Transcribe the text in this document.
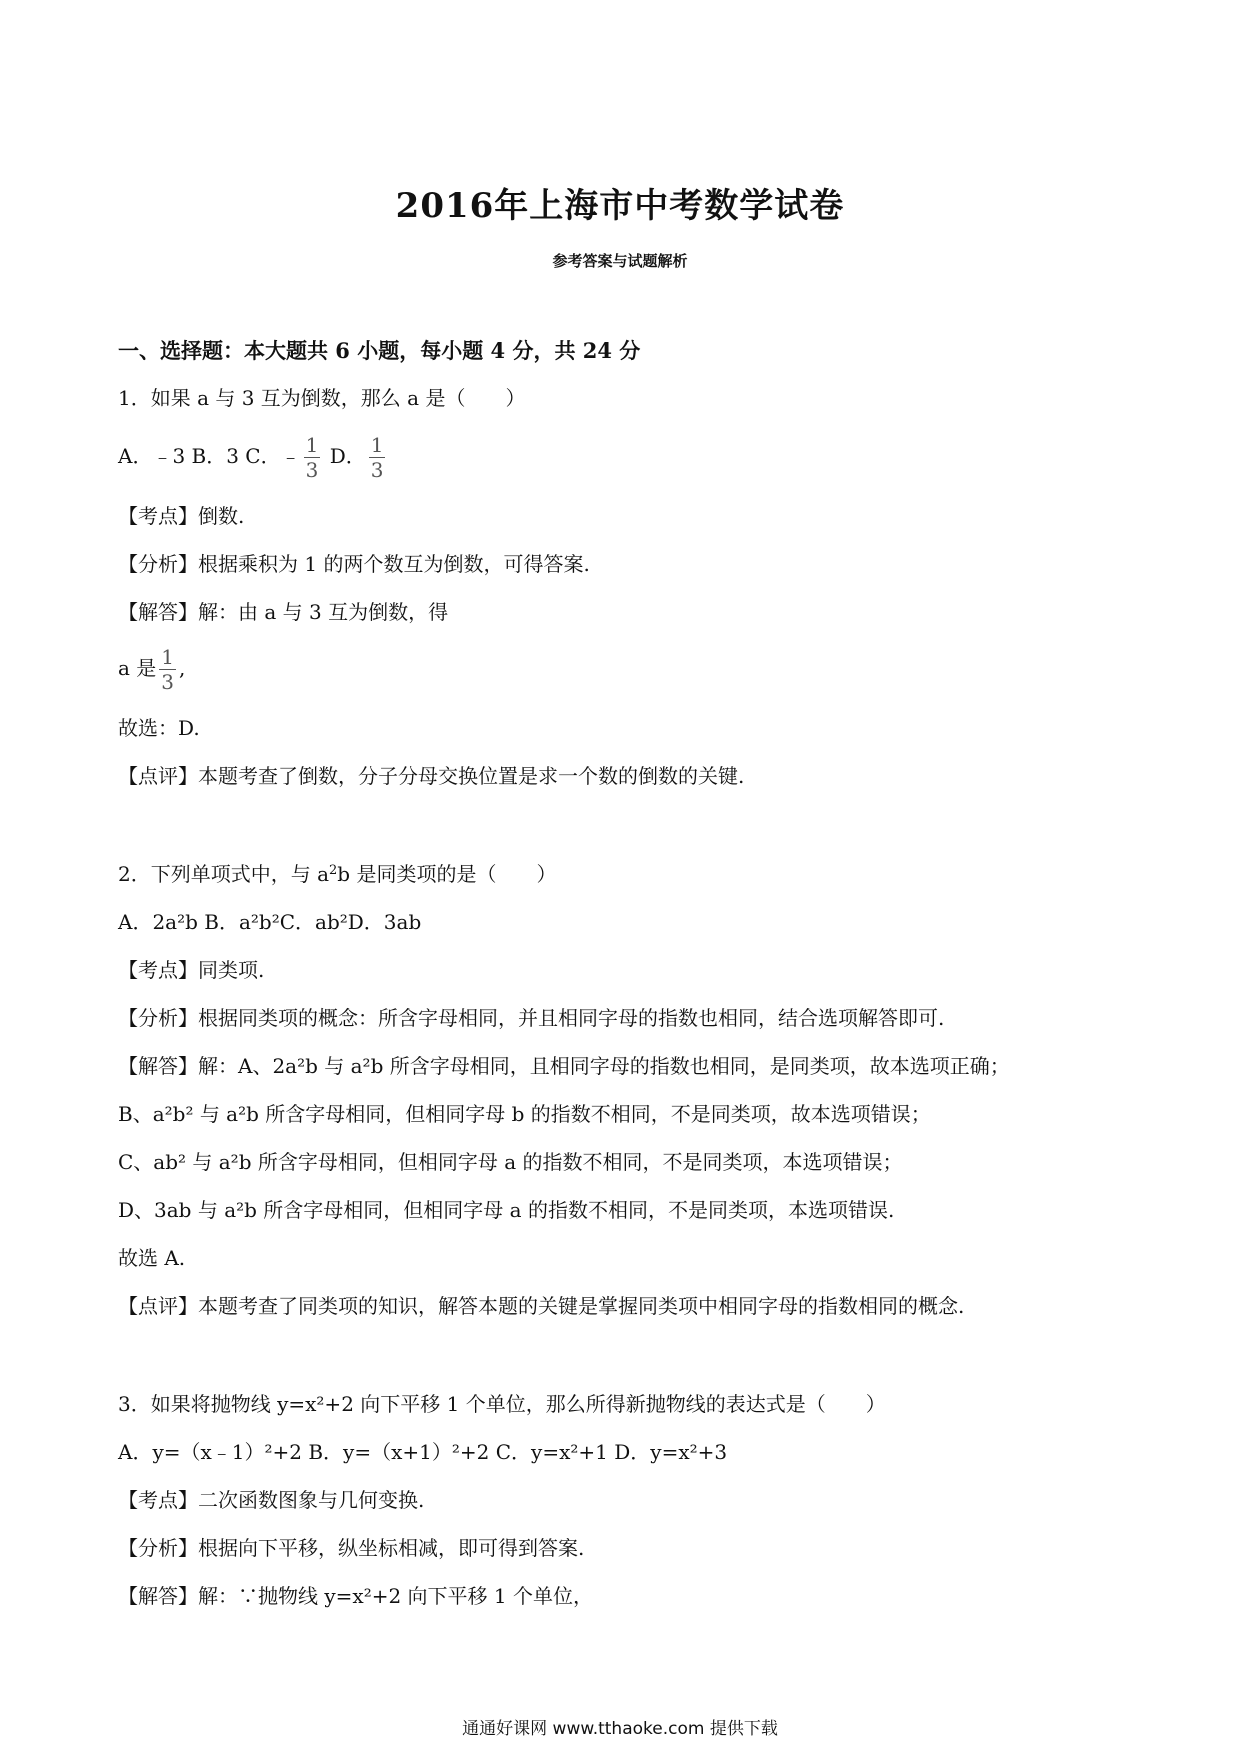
2016年上海市中考数学试卷
参考答案与试题解析
一、选择题：本大题共 6 小题，每小题 4 分，共 24 分
1．如果 a 与 3 互为倒数，那么 a 是（　　）
A．﹣3 B．3 C．﹣ $\frac{1}{3}$ D． $\frac{1}{3}$
【考点】倒数.
【分析】根据乘积为 1 的两个数互为倒数，可得答案.
【解答】解：由 a 与 3 互为倒数，得
a 是 $\frac{1}{3}$ ,
故选：D.
【点评】本题考查了倒数，分子分母交换位置是求一个数的倒数的关键.
2．下列单项式中，与 $a^2b$ 是同类项的是（　　）
A．2a²b B．a²b²C．ab²D．3ab
【考点】同类项.
【分析】根据同类项的概念：所含字母相同，并且相同字母的指数也相同，结合选项解答即可.
【解答】解：A、2a²b 与 a²b 所含字母相同，且相同字母的指数也相同，是同类项，故本选项正确；
B、a²b² 与 a²b 所含字母相同，但相同字母 b 的指数不相同，不是同类项，故本选项错误；
C、ab² 与 a²b 所含字母相同，但相同字母 a 的指数不相同，不是同类项，本选项错误；
D、3ab 与 a²b 所含字母相同，但相同字母 a 的指数不相同，不是同类项，本选项错误.
故选 A.
【点评】本题考查了同类项的知识，解答本题的关键是掌握同类项中相同字母的指数相同的概念.
3．如果将抛物线 y=x²+2 向下平移 1 个单位，那么所得新抛物线的表达式是（　　）
A．y=（x﹣1）²+2 B．y=（x+1）²+2 C．y=x²+1 D．y=x²+3
【考点】二次函数图象与几何变换.
【分析】根据向下平移，纵坐标相减，即可得到答案.
【解答】解：∵抛物线 y=x²+2 向下平移 1 个单位，
通通好课网 www.tthaoke.com 提供下载
